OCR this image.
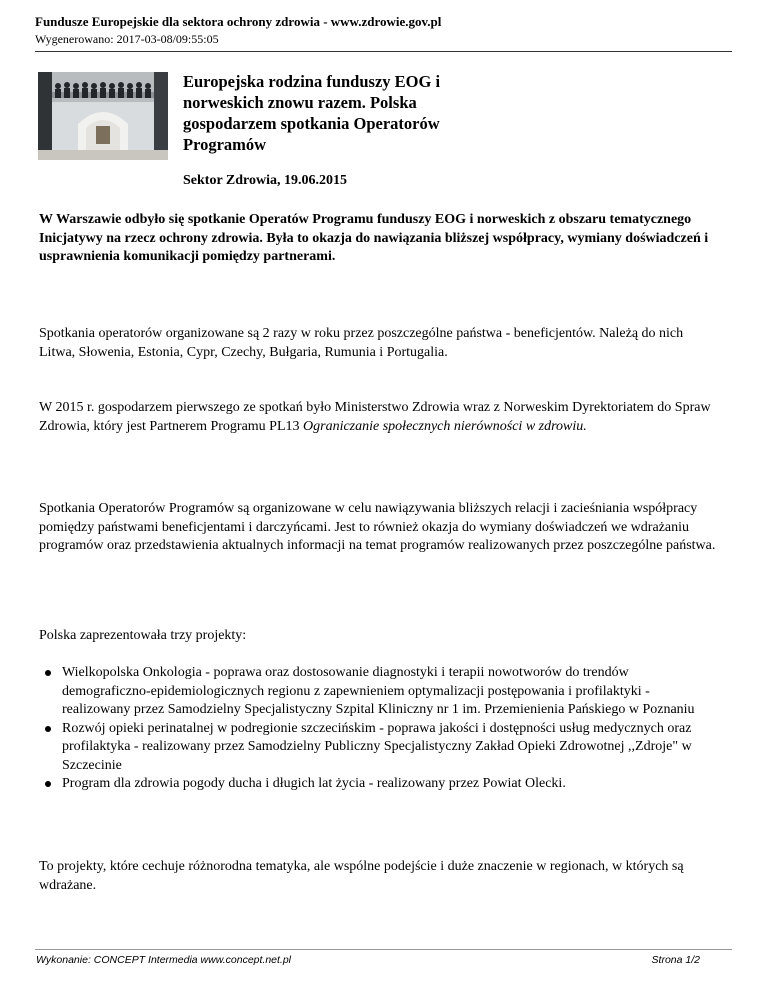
Fundusze Europejskie dla sektora ochrony zdrowia - www.zdrowie.gov.pl
Wygenerowano: 2017-03-08/09:55:05
Europejska rodzina funduszy EOG i norweskich znowu razem. Polska gospodarzem spotkania Operatorów Programów
Sektor Zdrowia, 19.06.2015
W Warszawie odbyło się spotkanie Operatów Programu funduszy EOG i norweskich z obszaru tematycznego Inicjatywy na rzecz ochrony zdrowia. Była to okazja do nawiązania bliższej współpracy, wymiany doświadczeń i usprawnienia komunikacji pomiędzy partnerami.
Spotkania operatorów organizowane są 2 razy w roku przez poszczególne państwa - beneficjentów. Należą do nich Litwa, Słowenia, Estonia, Cypr, Czechy, Bułgaria, Rumunia i Portugalia.
W 2015 r. gospodarzem pierwszego ze spotkań było Ministerstwo Zdrowia wraz z Norweskim Dyrektoriatem do Spraw Zdrowia, który jest Partnerem Programu PL13 Ograniczanie społecznych nierówności w zdrowiu.
Spotkania Operatorów Programów są organizowane w celu nawiązywania bliższych relacji i zacieśniania współpracy pomiędzy państwami beneficjentami i darczyńcami. Jest to również okazja do wymiany doświadczeń we wdrażaniu programów oraz przedstawienia aktualnych informacji na temat programów realizowanych przez poszczególne państwa.
Polska zaprezentowała trzy projekty:
Wielkopolska Onkologia - poprawa oraz dostosowanie diagnostyki i terapii nowotworów do trendów demograficzno-epidemiologicznych regionu z zapewnieniem optymalizacji postępowania i profilaktyki - realizowany przez Samodzielny Specjalistyczny Szpital Kliniczny nr 1 im. Przemienienia Pańskiego w Poznaniu
Rozwój opieki perinatalnej w podregionie szczecińskim - poprawa jakości i dostępności usług medycznych oraz profilaktyka - realizowany przez Samodzielny Publiczny Specjalistyczny Zakład Opieki Zdrowotnej ,,Zdroje" w Szczecinie
Program dla zdrowia pogody ducha i długich lat życia - realizowany przez Powiat Olecki.
To projekty, które cechuje różnorodna tematyka, ale wspólne podejście i duże znaczenie w regionach, w których są wdrażane.
Wykonanie: CONCEPT Intermedia www.concept.net.pl	Strona 1/2
